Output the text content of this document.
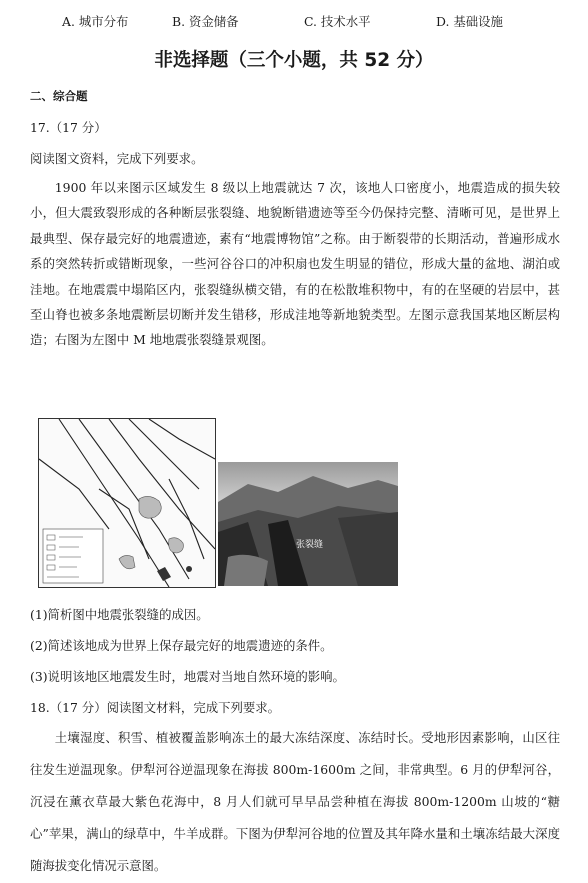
A. 城市分布	B. 资金储备	C. 技术水平	D. 基础设施
非选择题（三个小题，共 52 分）
二、综合题
17.（17 分）
阅读图文资料，完成下列要求。
1900 年以来图示区域发生 8 级以上地震就达 7 次，该地人口密度小，地震造成的损失较小，但大震致裂形成的各种断层张裂缝、地貌断错遗迹等至今仍保持完整、清晰可见，是世界上最典型、保存最完好的地震遗迹，素有“地震博物馆”之称。由于断裂带的长期活动，普遍形成水系的突然转折或错断现象，一些河谷谷口的冲积扇也发生明显的错位，形成大量的盆地、湖泊或洼地。在地震震中塌陷区内，张裂缝纵横交错，有的在松散堆积物中，有的在坚硬的岩层中，甚至山脊也被多条地震断层切断并发生错移，形成洼地等新地貌类型。左图示意我国某地区断层构造；右图为左图中 M 地地震张裂缝景观图。
张裂缝
(1)简析图中地震张裂缝的成因。
(2)简述该地成为世界上保存最完好的地震遗迹的条件。
(3)说明该地区地震发生时，地震对当地自然环境的影响。
18.（17 分）阅读图文材料，完成下列要求。
土壤湿度、积雪、植被覆盖影响冻土的最大冻结深度、冻结时长。受地形因素影响，山区往往发生逆温现象。伊犁河谷逆温现象在海拔 800m-1600m 之间，非常典型。6 月的伊犁河谷，沉浸在薰衣草最大紫色花海中，8 月人们就可早早品尝种植在海拔 800m-1200m 山坡的“糖心”苹果，满山的绿草中，牛羊成群。下图为伊犁河谷地的位置及其年降水量和土壤冻结最大深度随海拔变化情况示意图。
